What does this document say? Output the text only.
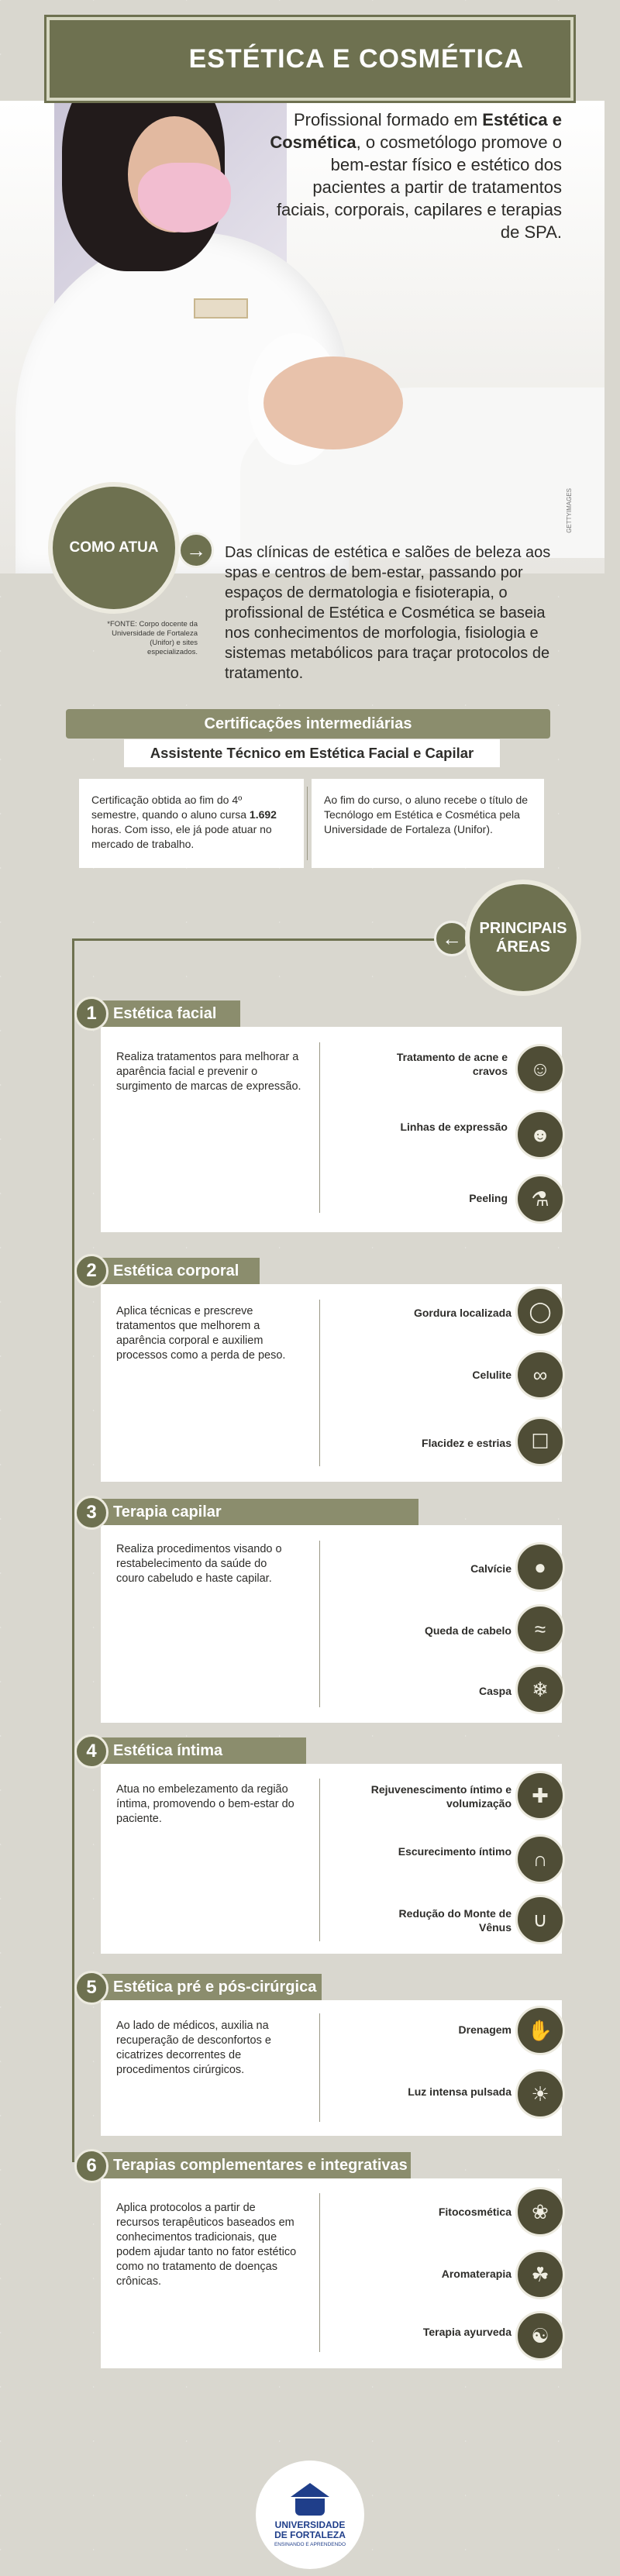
ESTÉTICA E COSMÉTICA
Profissional formado em Estética e Cosmética, o cosmetólogo promove o bem-estar físico e estético dos pacientes a partir de tratamentos faciais, corporais, capilares e terapias de SPA.
GETTYIMAGES
COMO ATUA	→
*FONTE: Corpo docente da Universidade de Fortaleza (Unifor) e sites especializados.
Das clínicas de estética e salões de beleza aos spas e centros de bem-estar, passando por espaços de dermatologia e fisioterapia, o profissional de Estética e Cosmética se baseia nos conhecimentos de morfologia, fisiologia e sistemas metabólicos para traçar protocolos de tratamento.
Certificações intermediárias
Assistente Técnico em Estética Facial e Capilar
Certificação obtida ao fim do 4º semestre, quando o aluno cursa 1.692 horas. Com isso, ele já pode atuar no mercado de trabalho.
Ao fim do curso, o aluno recebe o título de Tecnólogo em Estética e Cosmética pela Universidade de Fortaleza (Unifor).
←	PRINCIPAIS ÁREAS
Estética facial
1
Realiza tratamentos para melhorar a aparência facial e prevenir o surgimento de marcas de expressão.
Tratamento de acne e cravos	☺
Linhas de expressão	☻
Peeling	⚗
Estética corporal
2
Aplica técnicas e prescreve tratamentos que melhorem a aparência corporal e auxiliem processos como a perda de peso.
Gordura localizada ◯
Celulite	∞
Flacidez e estrias ☐
Terapia capilar
3
Realiza procedimentos visando o restabelecimento da saúde do couro cabeludo e haste capilar.
Calvície	●
Queda de cabelo	≈
Caspa	❄
Estética íntima
4
Atua no embelezamento da região íntima, promovendo o bem-estar do paciente.
Rejuvenescimento íntimo e volumização	✚
Escurecimento íntimo	∩
Redução do Monte de Vênus	∪
Estética pré e pós-cirúrgica
5
Ao lado de médicos, auxilia na recuperação de desconfortos e cicatrizes decorrentes de procedimentos cirúrgicos.
Drenagem ✋
Luz intensa pulsada ☀
Terapias complementares e integrativas
6
Aplica protocolos a partir de recursos terapêuticos baseados em conhecimentos tradicionais, que podem ajudar tanto no fator estético como no tratamento de doenças crônicas.
Fitocosmética	❀
Aromaterapia ☘
Terapia ayurveda ☯
UNIVERSIDADE
DE FORTALEZA
ENSINANDO E APRENDENDO
